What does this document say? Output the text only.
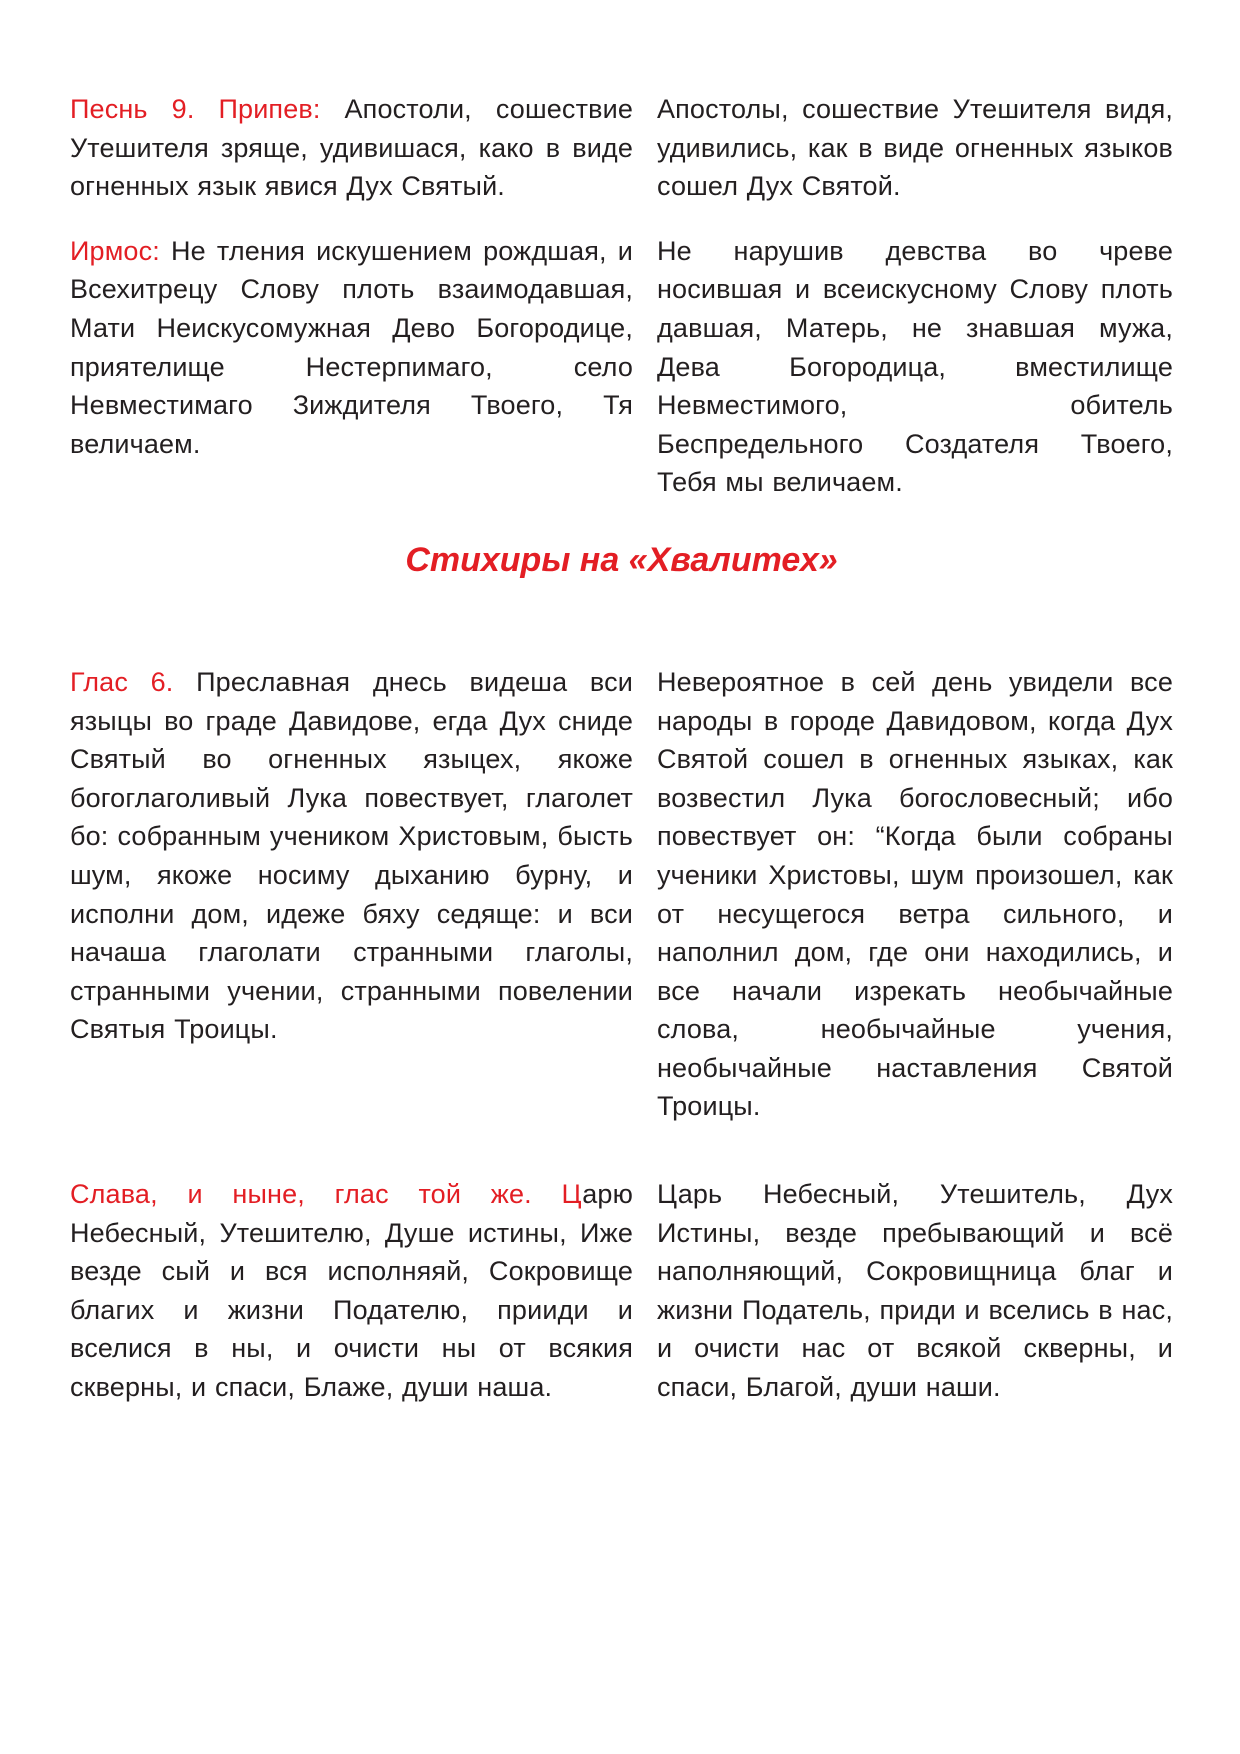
Песнь 9. Припев: Апостоли, сошествие Утешителя зряще, удивишася, како в виде огненных язык явися Дух Святый.
Апостолы, сошествие Утешителя видя, удивились, как в виде огненных языков сошел Дух Святой.
Ирмос: Не тления искушением рождшая, и Всехитрецу Слову плоть взаимодавшая, Мати Неискусомужная Дево Богородице, приятелище Нестерпимаго, село Невместимаго Зиждителя Твоего, Тя величаем.
Не нарушив девства во чреве носившая и всеискусному Слову плоть давшая, Матерь, не знавшая мужа, Дева Богородица, вместилище Невместимого, обитель Беспредельного Создателя Твоего, Тебя мы величаем.
Стихиры на «Хвалитех»
Глас 6. Преславная днесь видеша вси языцы во граде Давидове, егда Дух сниде Святый во огненных языцех, якоже богоглаголивый Лука повествует, глаголет бо: собранным учеником Христовым, бысть шум, якоже носиму дыханию бурну, и исполни дом, идеже бяху седяще: и вси начаша глаголати странными глаголы, странными учении, странными повелении Святыя Троицы.
Невероятное в сей день увидели все народы в городе Давидовом, когда Дух Святой сошел в огненных языках, как возвестил Лука богословесный; ибо повествует он: “Когда были собраны ученики Христовы, шум произошел, как от несущегося ветра сильного, и наполнил дом, где они находились, и все начали изрекать необычайные слова, необычайные учения, необычайные наставления Святой Троицы.
Слава, и ныне, глас той же. Царю Небесный, Утешителю, Душе истины, Иже везде сый и вся исполняяй, Сокровище благих и жизни Подателю, прииди и вселися в ны, и очисти ны от всякия скверны, и спаси, Блаже, души наша.
Царь Небесный, Утешитель, Дух Истины, везде пребывающий и всё наполняющий, Сокровищница благ и жизни Податель, приди и вселись в нас, и очисти нас от всякой скверны, и спаси, Благой, души наши.
